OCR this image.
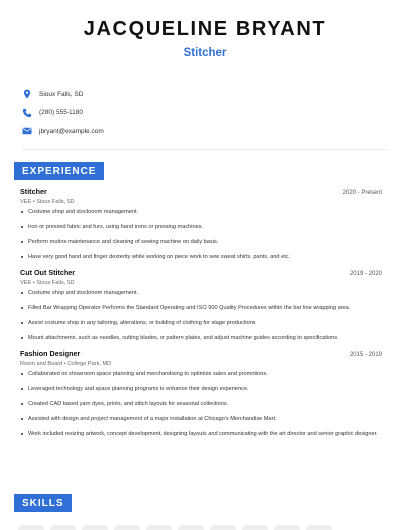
JACQUELINE BRYANT
Stitcher
Sioux Falls, SD
(280) 555-1180
jbryant@example.com
EXPERIENCE
Stitcher	2020 - Present
VEE • Sioux Falls, SD
Costume shop and stockroom management.
Iron or pressed fabric and furs, using hand irons or pressing machines.
Perform routine maintenance and cleaning of sewing machine on daily basis.
Have very good hand and finger dexterity while working on piece work to sew sweat shirts, pants, and etc.
Cut Out Stitcher	2019 - 2020
VEE • Sioux Falls, SD
Costume shop and stockroom management.
Filled Bar Wrapping Operator Performs the Standard Operating and ISO 900 Quality Procedures within the bar line wrapping area.
Assist costume shop in any tailoring, alterations, or building of clothing for stage productions
Mount attachments, such as needles, cutting blades, or pattern plates, and adjust machine guides according to specifications.
Fashion Designer	2015 - 2019
Room and Board • College Park, MD
Collaborated on showroom space planning and merchandising to optimize sales and promotions.
Leveraged technology and space planning programs to enhance their design experience.
Created CAD based yarn dyes, prints, and stitch layouts for seasonal collections.
Assisted with design and project management of a major installation at Chicago's Merchandise Mart.
Work included resizing artwork, concept development, designing layouts and communicating with the art director and senior graphic designer.
SKILLS
